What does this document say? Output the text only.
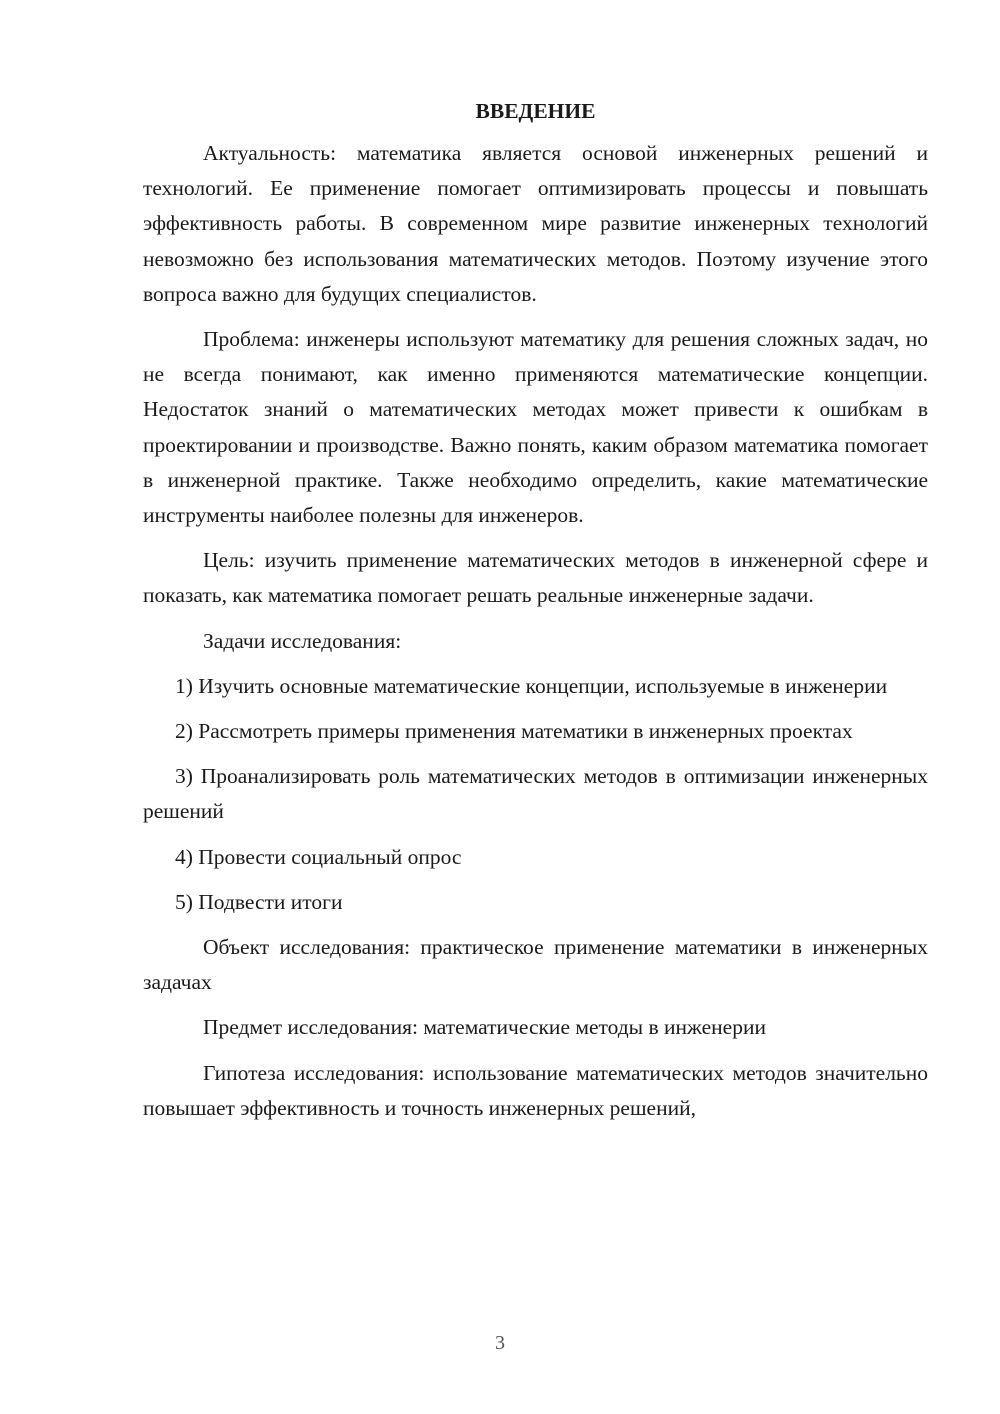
ВВЕДЕНИЕ

Актуальность: математика является основой инженерных решений и технологий. Ее применение помогает оптимизировать процессы и повышать эффективность работы. В современном мире развитие инженерных технологий невозможно без использования математических методов. Поэтому изучение этого вопроса важно для будущих специалистов.

Проблема: инженеры используют математику для решения сложных задач, но не всегда понимают, как именно применяются математические концепции. Недостаток знаний о математических методах может привести к ошибкам в проектировании и производстве. Важно понять, каким образом математика помогает в инженерной практике. Также необходимо определить, какие математические инструменты наиболее полезны для инженеров.

Цель: изучить применение математических методов в инженерной сфере и показать, как математика помогает решать реальные инженерные задачи.

Задачи исследования:

1) Изучить основные математические концепции, используемые в инженерии

2) Рассмотреть примеры применения математики в инженерных проектах

3) Проанализировать роль математических методов в оптимизации инженерных решений

4) Провести социальный опрос

5) Подвести итоги

Объект исследования: практическое применение математики в инженерных задачах

Предмет исследования: математические методы в инженерии

Гипотеза исследования: использование математических методов значительно повышает эффективность и точность инженерных решений,

3
